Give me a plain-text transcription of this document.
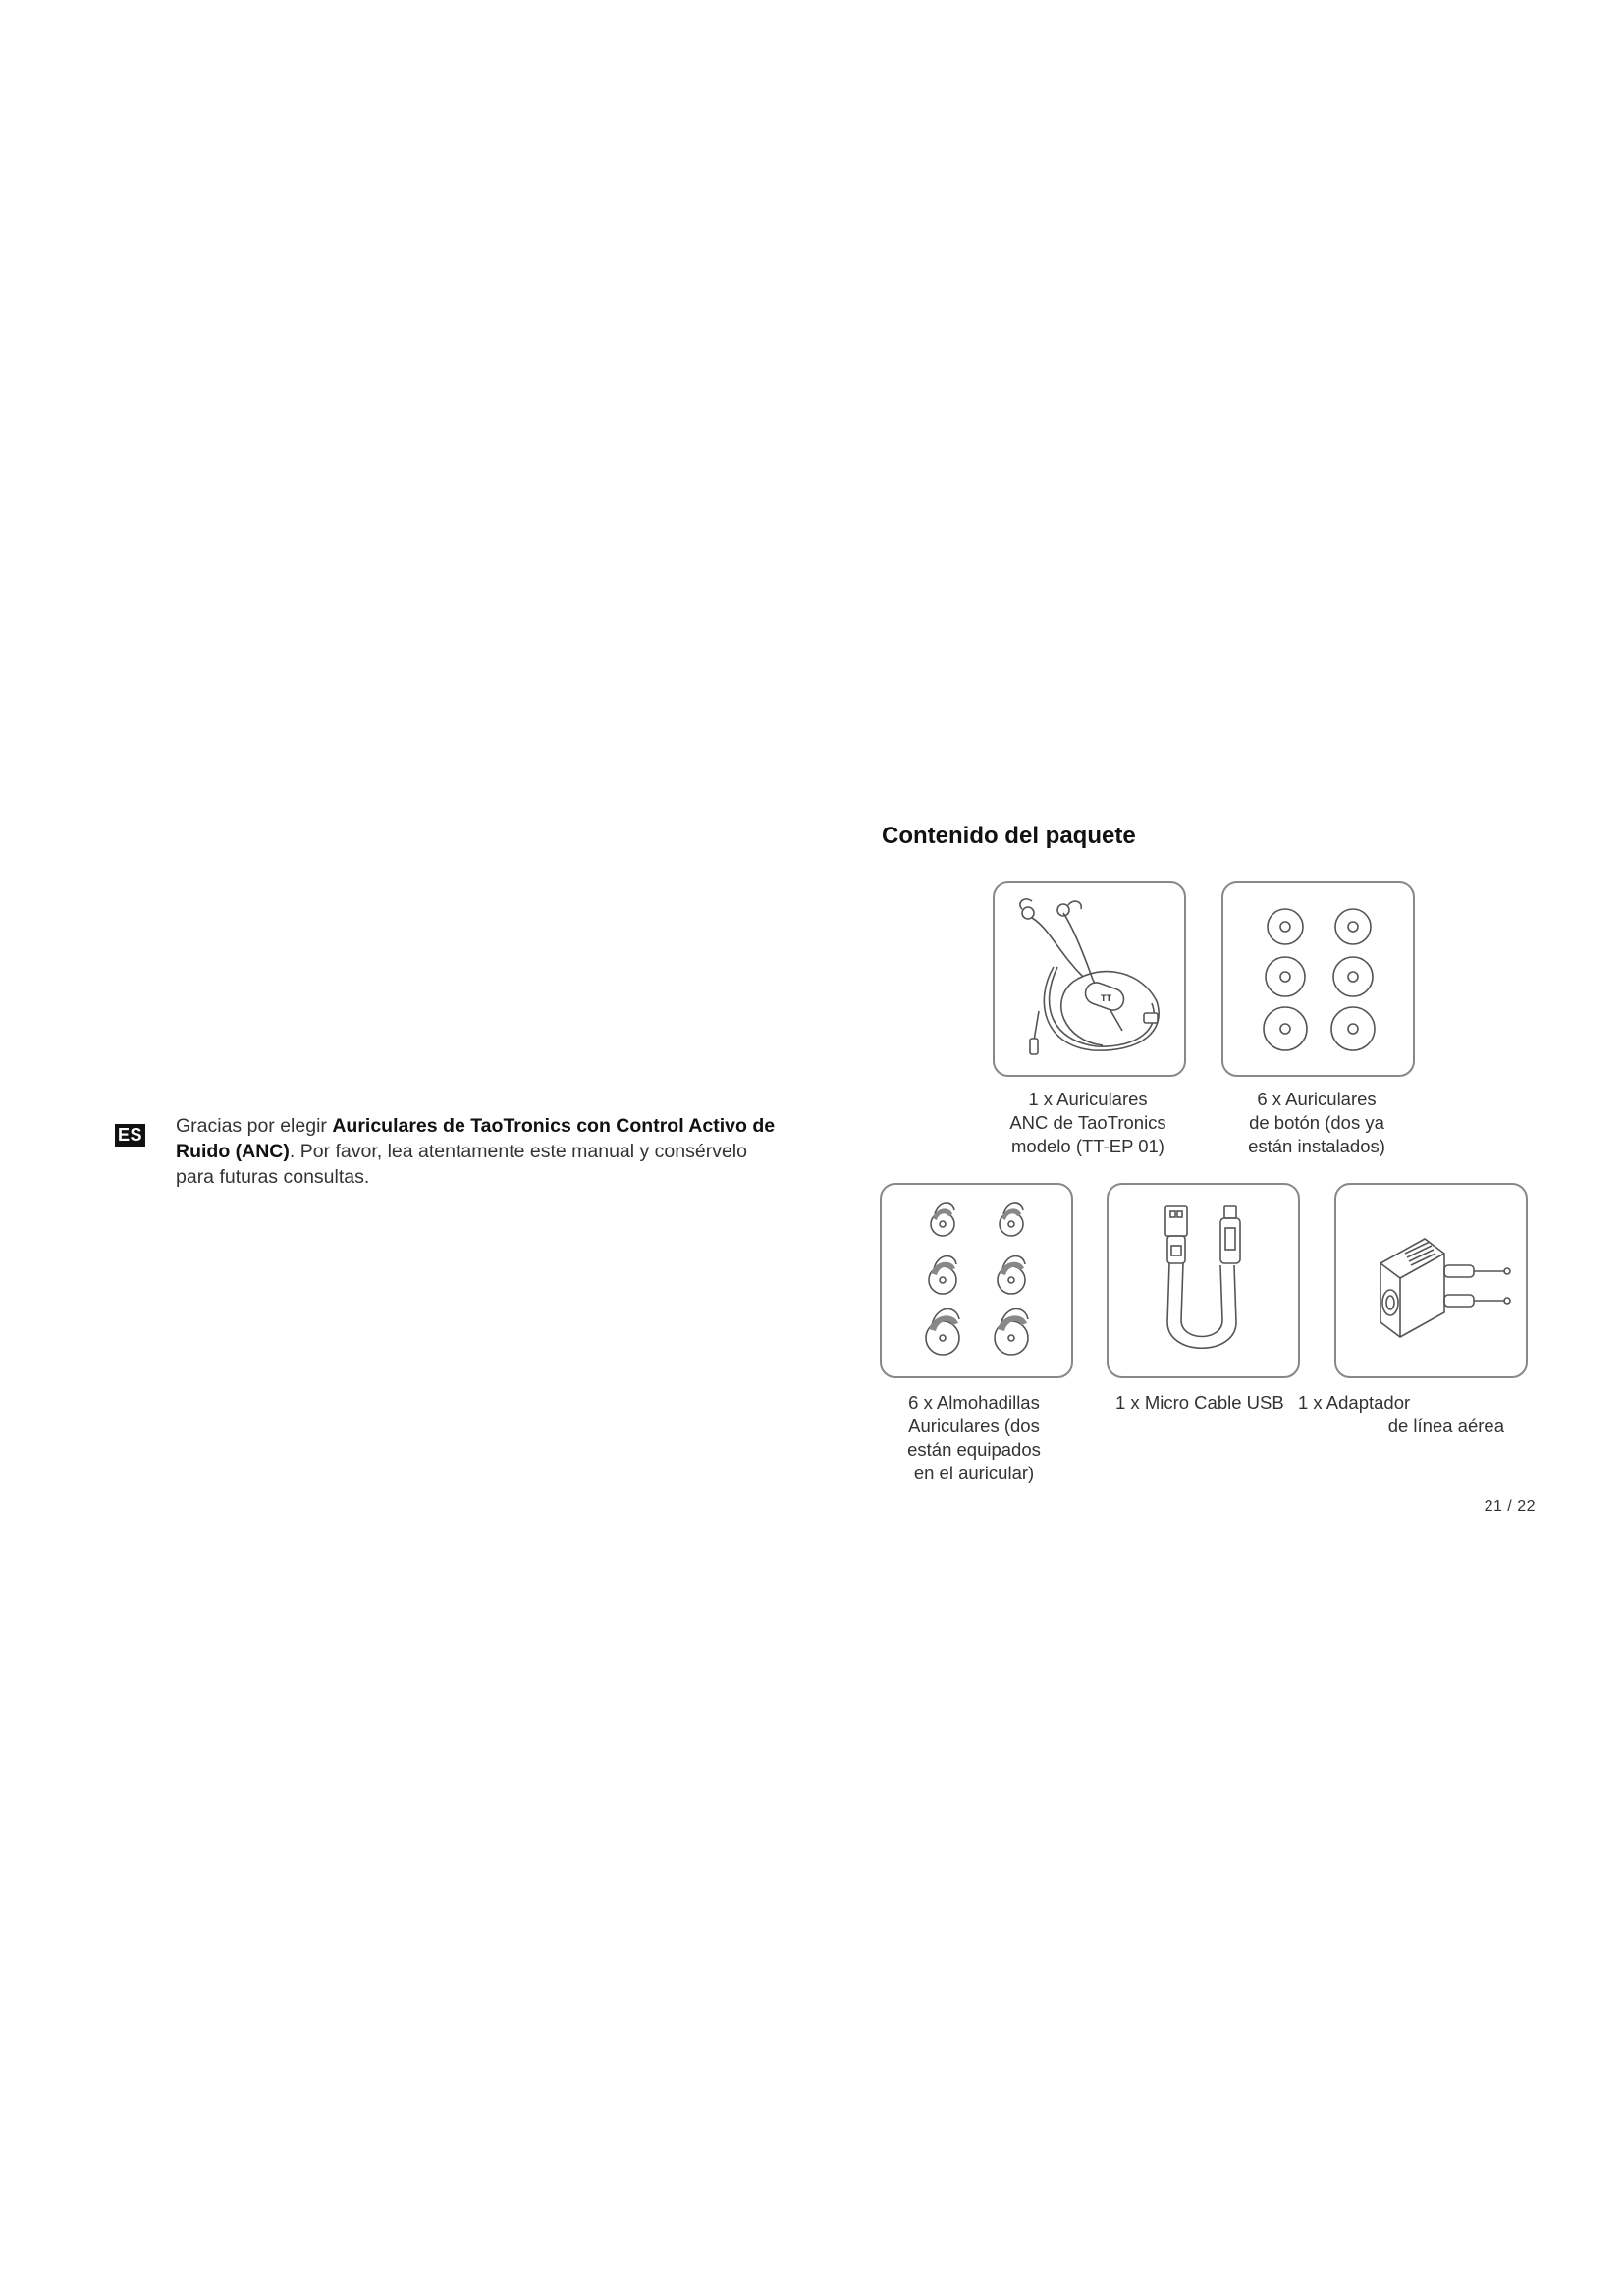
ES Gracias por elegir Auriculares de TaoTronics con Control Activo de Ruido (ANC). Por favor, lea atentamente este manual y consérvelo para futuras consultas.

Contenido del paquete
TT
1 x Auriculares
ANC de TaoTronics
modelo (TT-EP 01)
6 x Auriculares
de botón (dos ya
están instalados)
6 x Almohadillas
Auriculares (dos
están equipados
en el auricular)
1 x Micro Cable USB 1 x Adaptador
de línea aérea
21 / 22
